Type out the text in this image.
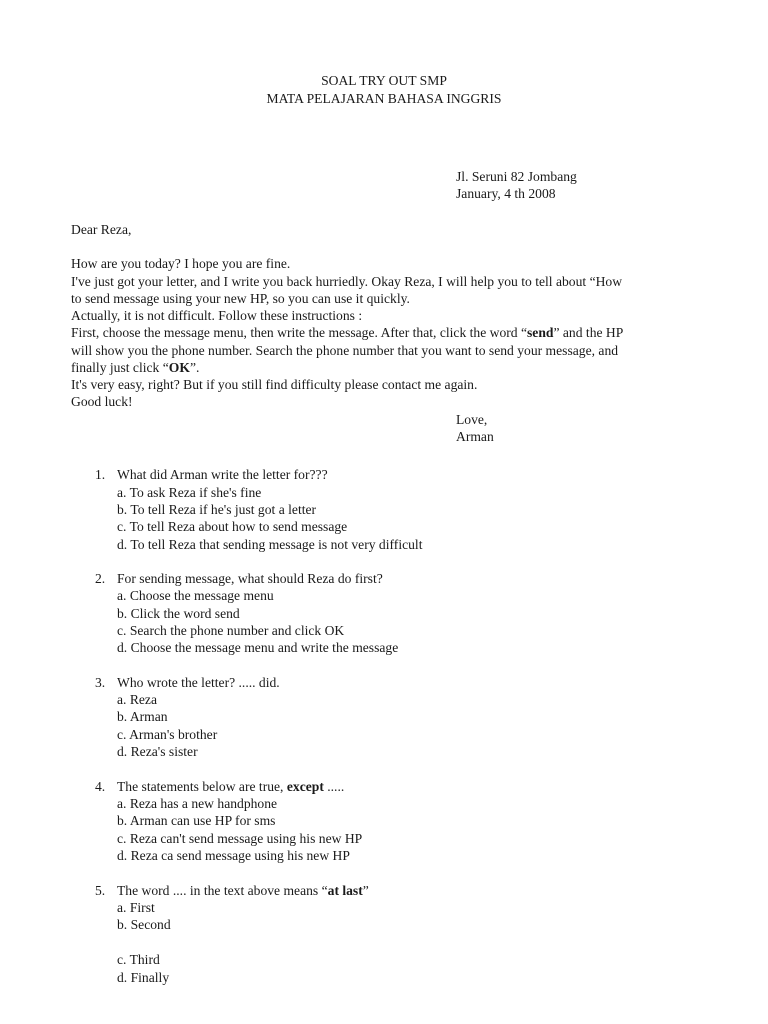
SOAL TRY OUT SMP
MATA PELAJARAN BAHASA INGGRIS
Jl. Seruni 82 Jombang
January, 4 th 2008
Dear Reza,
How are you today? I hope you are fine.
I've just got your letter, and I write you back hurriedly. Okay Reza, I will help you to tell about “How
to send message using your new HP, so you can use it quickly.
Actually, it is not difficult. Follow these instructions :
First, choose the message menu, then write the message. After that, click the word “send” and the HP
will show you the phone number. Search the phone number that you want to send your message, and
finally just click “OK”.
It's very easy, right? But if you still find difficulty please contact me again.
Good luck!
Love,
Arman
1. What did Arman write the letter for???
a. To ask Reza if she's fine
b. To tell Reza if he's just got a letter
c. To tell Reza about how to send message
d. To tell Reza that sending message is not very difficult
2. For sending message, what should Reza do first?
a. Choose the message menu
b. Click the word send
c. Search the phone number and click OK
d. Choose the message menu and write the message
3. Who wrote the letter? ..... did.
a. Reza
b. Arman
c. Arman's brother
d. Reza's sister
4. The statements below are true, except .....
a. Reza has a new handphone
b. Arman can use HP for sms
c. Reza can't send message using his new HP
d. Reza ca send message using his new HP
5. The word .... in the text above means “at last”
a. First
b. Second
c. Third
d. Finally
